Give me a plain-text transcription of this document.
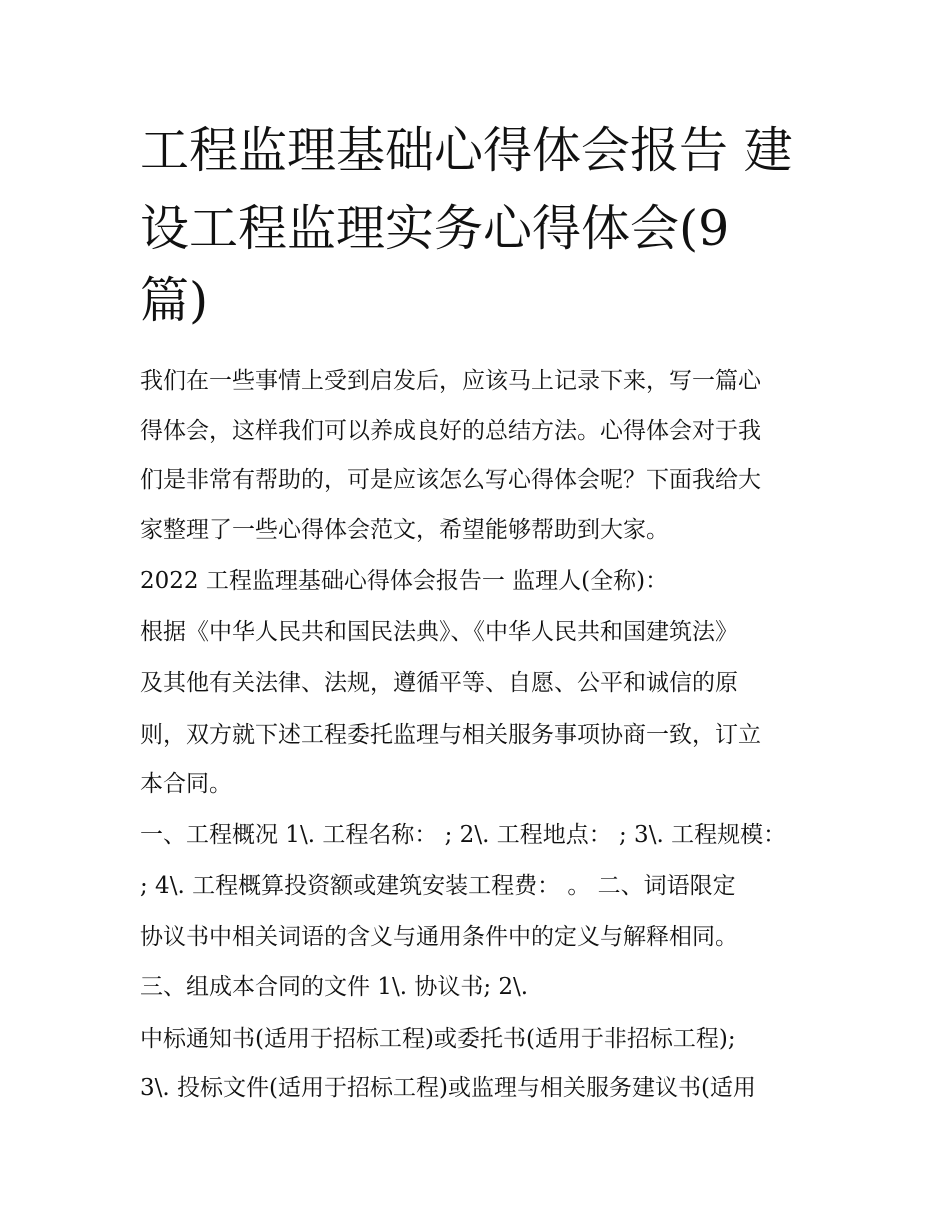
工程监理基础心得体会报告 建
设工程监理实务心得体会(9
篇)
我们在一些事情上受到启发后，应该马上记录下来，写一篇心
得体会，这样我们可以养成良好的总结方法。心得体会对于我
们是非常有帮助的，可是应该怎么写心得体会呢？下面我给大
家整理了一些心得体会范文，希望能够帮助到大家。
2022 工程监理基础心得体会报告一 监理人(全称)：
根据《中华人民共和国民法典》、《中华人民共和国建筑法》
及其他有关法律、法规，遵循平等、自愿、公平和诚信的原
则，双方就下述工程委托监理与相关服务事项协商一致，订立
本合同。
一、工程概况 1\. 工程名称： ; 2\. 工程地点： ; 3\. 工程规模：
; 4\. 工程概算投资额或建筑安装工程费： 。 二、词语限定
协议书中相关词语的含义与通用条件中的定义与解释相同。
三、组成本合同的文件 1\. 协议书; 2\.
中标通知书(适用于招标工程)或委托书(适用于非招标工程);
3\. 投标文件(适用于招标工程)或监理与相关服务建议书(适用
